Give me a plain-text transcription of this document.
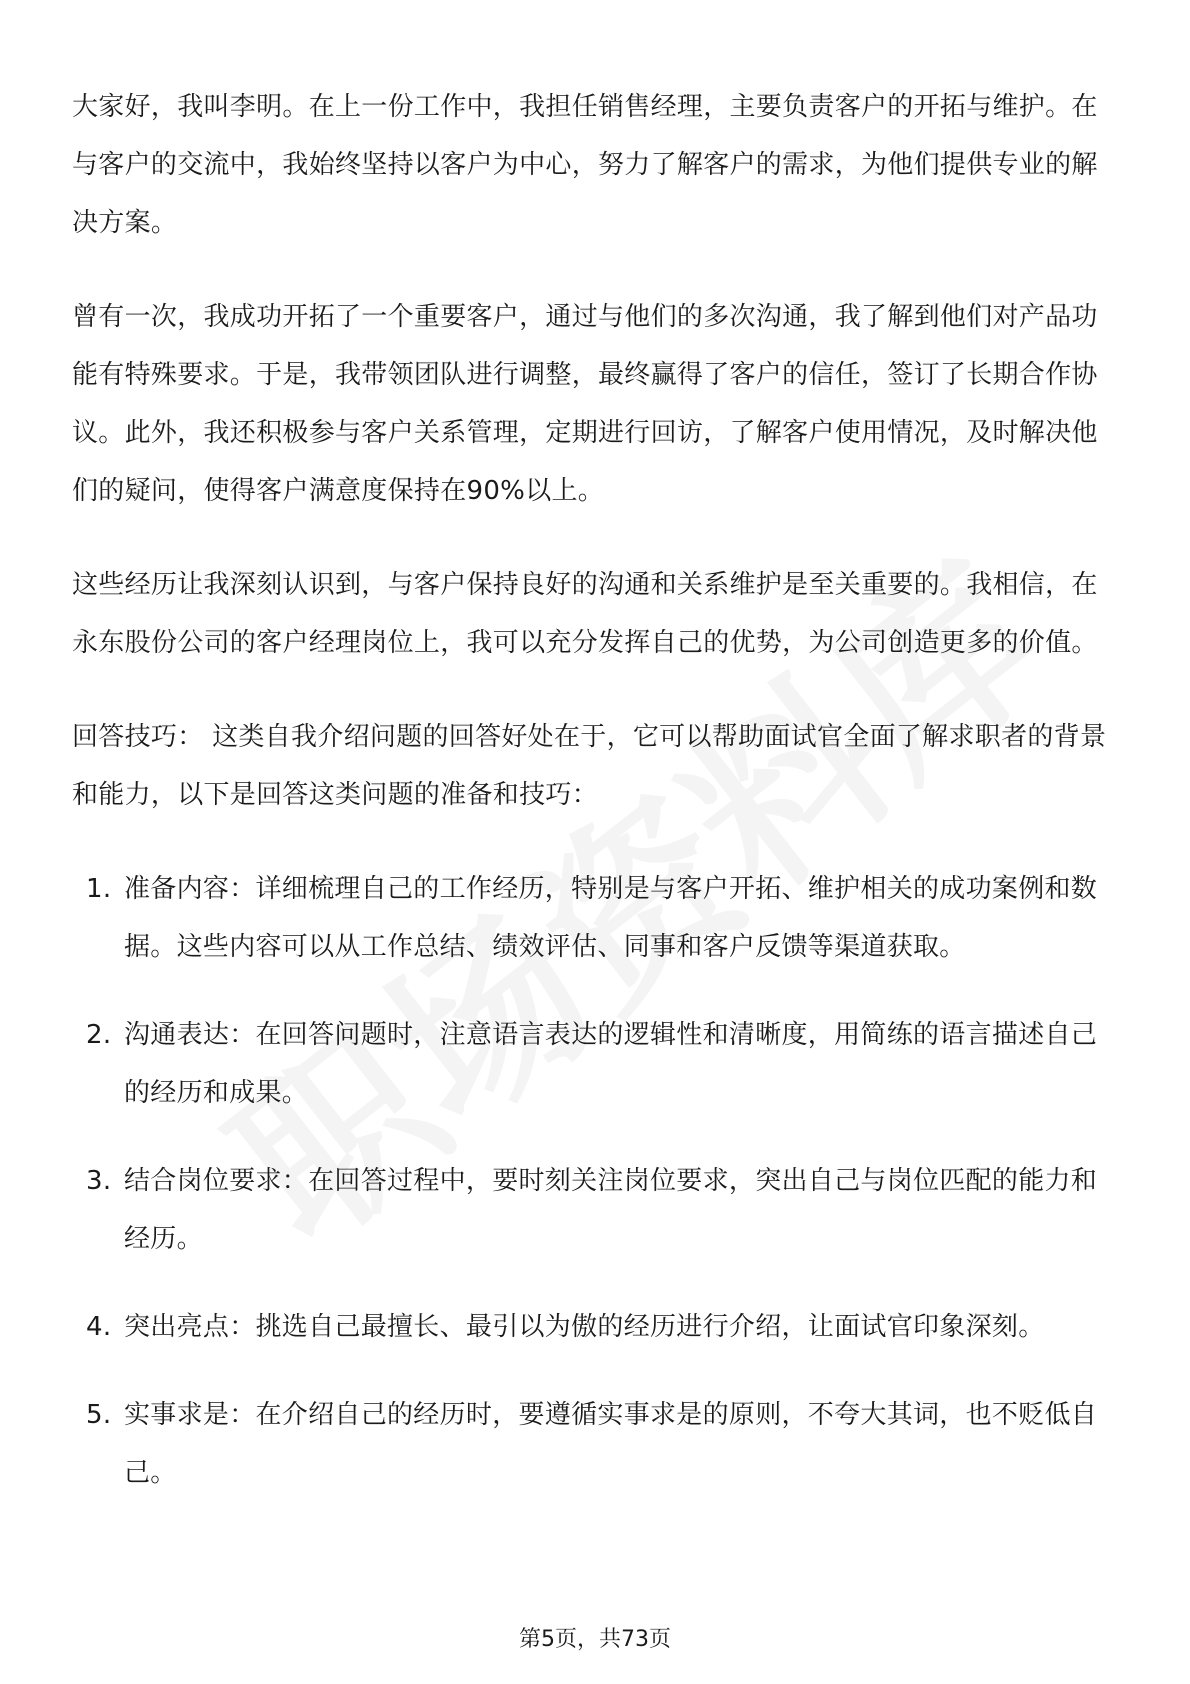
大家好，我叫李明。在上一份工作中，我担任销售经理，主要负责客户的开拓与维护。在与客户的交流中，我始终坚持以客户为中心，努力了解客户的需求，为他们提供专业的解决方案。

曾有一次，我成功开拓了一个重要客户，通过与他们的多次沟通，我了解到他们对产品功能有特殊要求。于是，我带领团队进行调整，最终赢得了客户的信任，签订了长期合作协议。此外，我还积极参与客户关系管理，定期进行回访，了解客户使用情况，及时解决他们的疑问，使得客户满意度保持在90%以上。

这些经历让我深刻认识到，与客户保持良好的沟通和关系维护是至关重要的。我相信，在永东股份公司的客户经理岗位上，我可以充分发挥自己的优势，为公司创造更多的价值。

回答技巧： 这类自我介绍问题的回答好处在于，它可以帮助面试官全面了解求职者的背景和能力，以下是回答这类问题的准备和技巧：

1. 准备内容：详细梳理自己的工作经历，特别是与客户开拓、维护相关的成功案例和数据。这些内容可以从工作总结、绩效评估、同事和客户反馈等渠道获取。
2. 沟通表达：在回答问题时，注意语言表达的逻辑性和清晰度，用简练的语言描述自己的经历和成果。
3. 结合岗位要求：在回答过程中，要时刻关注岗位要求，突出自己与岗位匹配的能力和经历。
4. 突出亮点：挑选自己最擅长、最引以为傲的经历进行介绍，让面试官印象深刻。
5. 实事求是：在介绍自己的经历时，要遵循实事求是的原则，不夸大其词，也不贬低自己。
第5页，共73页
